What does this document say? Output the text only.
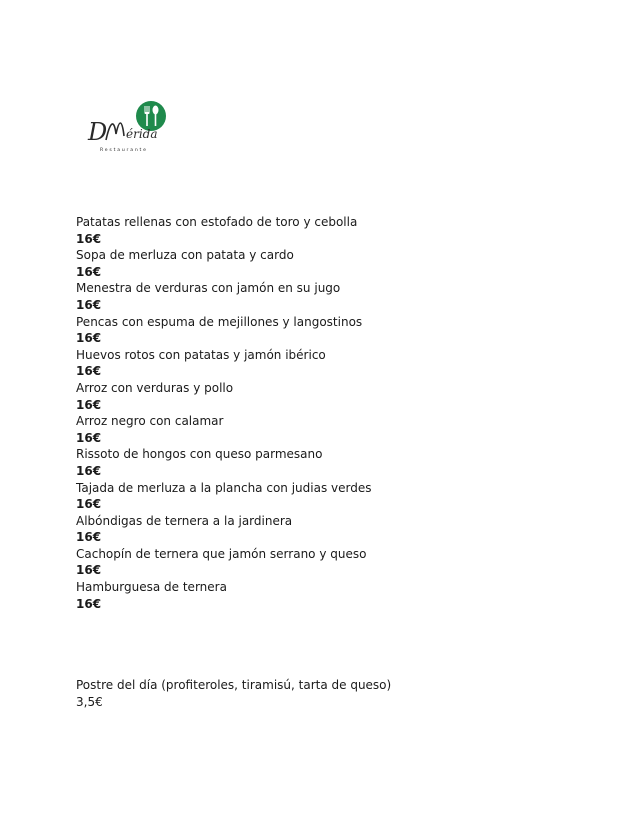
D érida
Restaurante
Patatas rellenas con estofado de toro y cebolla
16€
Sopa de merluza con patata y cardo
16€
Menestra de verduras con jamón en su jugo
16€
Pencas con espuma de mejillones y langostinos
16€
Huevos rotos con patatas y jamón ibérico
16€
Arroz con verduras y pollo
16€
Arroz negro con calamar
16€
Rissoto de hongos con queso parmesano
16€
Tajada de merluza a la plancha con judias verdes
16€
Albóndigas de ternera a la jardinera
16€
Cachopín de ternera que jamón serrano y queso
16€
Hamburguesa de ternera
16€
Postre del día (profiteroles, tiramisú, tarta de queso)
3,5€
